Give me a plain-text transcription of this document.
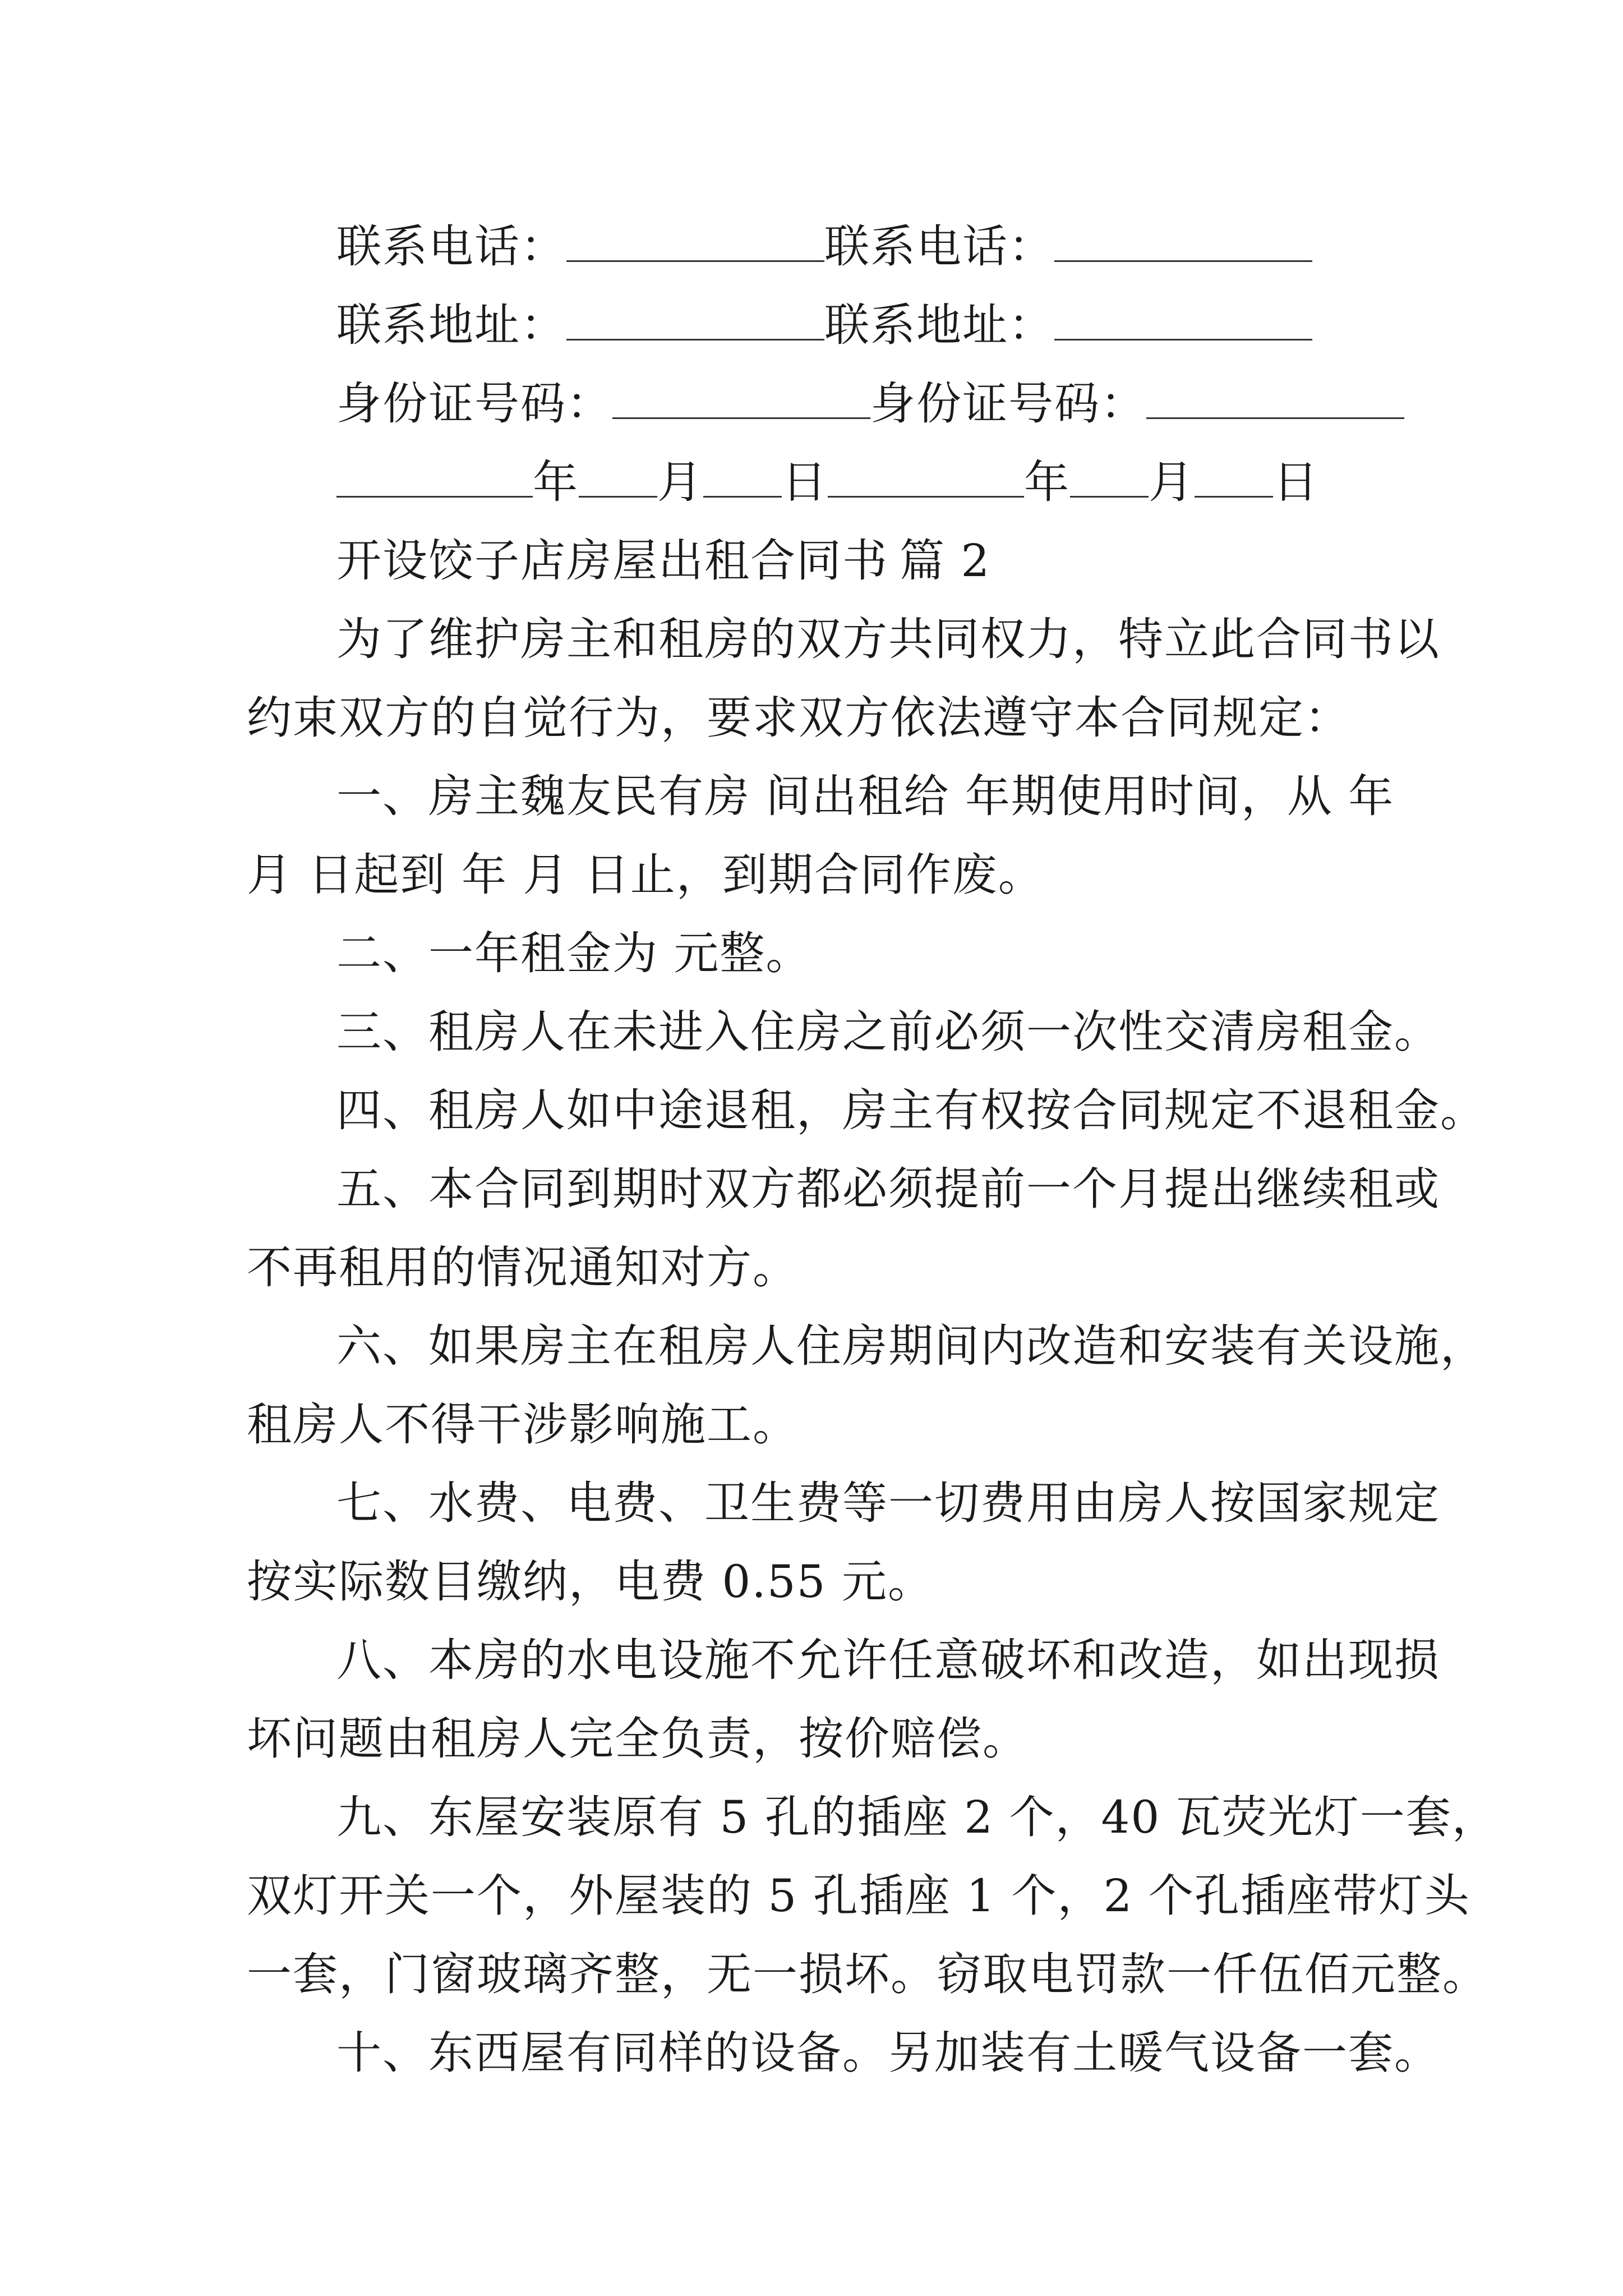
联系电话：	联系电话：
联系地址：	联系地址：
身份证号码：	身份证号码：
年 月 日	年 月 日
开设饺子店房屋出租合同书 篇 2
为了维护房主和租房的双方共同权力，特立此合同书以
约束双方的自觉行为，要求双方依法遵守本合同规定：
一、房主魏友民有房 间出租给 年期使用时间，从 年
月 日起到 年 月 日止，到期合同作废。
二、一年租金为 元整。
三、租房人在未进入住房之前必须一次性交清房租金。
四、租房人如中途退租，房主有权按合同规定不退租金。
五、本合同到期时双方都必须提前一个月提出继续租或
不再租用的情况通知对方。
六、如果房主在租房人住房期间内改造和安装有关设施，
租房人不得干涉影响施工。
七、水费、电费、卫生费等一切费用由房人按国家规定
按实际数目缴纳，电费 0.55 元。
八、本房的水电设施不允许任意破坏和改造，如出现损
坏问题由租房人完全负责，按价赔偿。
九、东屋安装原有 5 孔的插座 2 个，40 瓦荧光灯一套，
双灯开关一个，外屋装的 5 孔插座 1 个，2 个孔插座带灯头
一套，门窗玻璃齐整，无一损坏。窃取电罚款一仟伍佰元整。
十、东西屋有同样的设备。另加装有土暖气设备一套。
